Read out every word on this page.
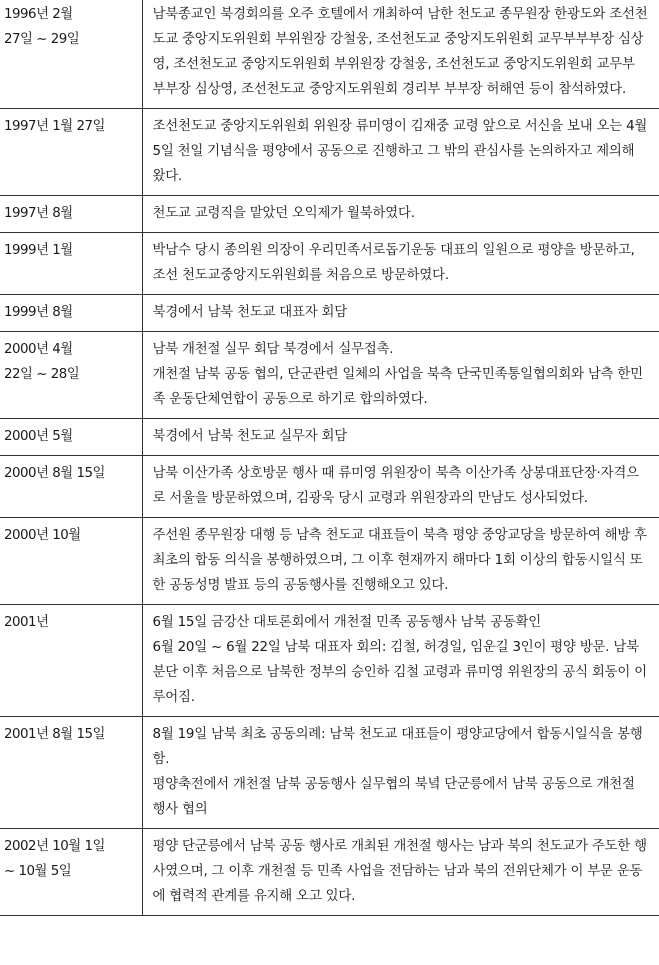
1996년 2월
27일 ~ 29일	남북종교인 북경회의를 오주 호텔에서 개최하여 남한 천도교 종무원장 한광도와 조선천도교 중앙지도위원회 부위원장 강철웅, 조선천도교 중앙지도위원회 교무부부부장 심상영, 조선천도교 중앙지도위원회 부위원장 강철웅, 조선천도교 중앙지도위원회 교무부 부부장 심상영, 조선천도교 중앙지도위원회 경리부 부부장 허해연 등이 참석하였다.

1997년 1월 27일	조선천도교 중앙지도위원회 위원장 류미영이 김재중 교령 앞으로 서신을 보내 오는 4월 5일 천일 기념식을 평양에서 공동으로 진행하고 그 밖의 관심사를 논의하자고 제의해 왔다.

1997년 8월	천도교 교령직을 맡았던 오익제가 월북하였다.

1999년 1월	박남수 당시 종의원 의장이 우리민족서로돕기운동 대표의 일원으로 평양을 방문하고, 조선 천도교중앙지도위원회를 처음으로 방문하였다.

1999년 8월	북경에서 남북 천도교 대표자 회담

2000년 4월
22일 ~ 28일	남북 개천절 실무 회담 북경에서 실무접촉.
개천절 남북 공동 협의, 단군관련 일체의 사업을 북측 단국민족통일협의회와 남측 한민족 운동단체연합이 공동으로 하기로 합의하였다.

2000년 5월	북경에서 남북 천도교 실무자 회담

2000년 8월 15일	남북 이산가족 상호방문 행사 때 류미영 위원장이 북측 이산가족 상봉대표단장·자격으로 서울을 방문하였으며, 김광욱 당시 교령과 위원장과의 만남도 성사되었다.

2000년 10월	주선원 종무원장 대행 등 남측 천도교 대표들이 북측 평양 중앙교당을 방문하여 해방 후 최초의 합동 의식을 봉행하였으며, 그 이후 현재까지 해마다 1회 이상의 합동시일식 또한 공동성명 발표 등의 공동행사를 진행해오고 있다.

2001년	6월 15일 금강산 대토론회에서 개천절 민족 공동행사 남북 공동확인
6월 20일 ~ 6월 22일 남북 대표자 회의: 김철, 허경일, 임운길 3인이 평양 방문. 남북 분단 이후 처음으로 남북한 정부의 승인하 김철 교령과 류미영 위원장의 공식 회동이 이루어짐.

2001년 8월 15일	8월 19일 남북 최초 공동의례: 남북 천도교 대표들이 평양교당에서 합동시일식을 봉행함.
평양축전에서 개천절 남북 공동행사 실무협의 북녘 단군릉에서 남북 공동으로 개천절 행사 협의

2002년 10월 1일
~ 10월 5일	평양 단군릉에서 남북 공동 행사로 개최된 개천절 행사는 남과 북의 천도교가 주도한 행사였으며, 그 이후 개천절 등 민족 사업을 전담하는 남과 북의 전위단체가 이 부문 운동에 협력적 관계를 유지해 오고 있다.
